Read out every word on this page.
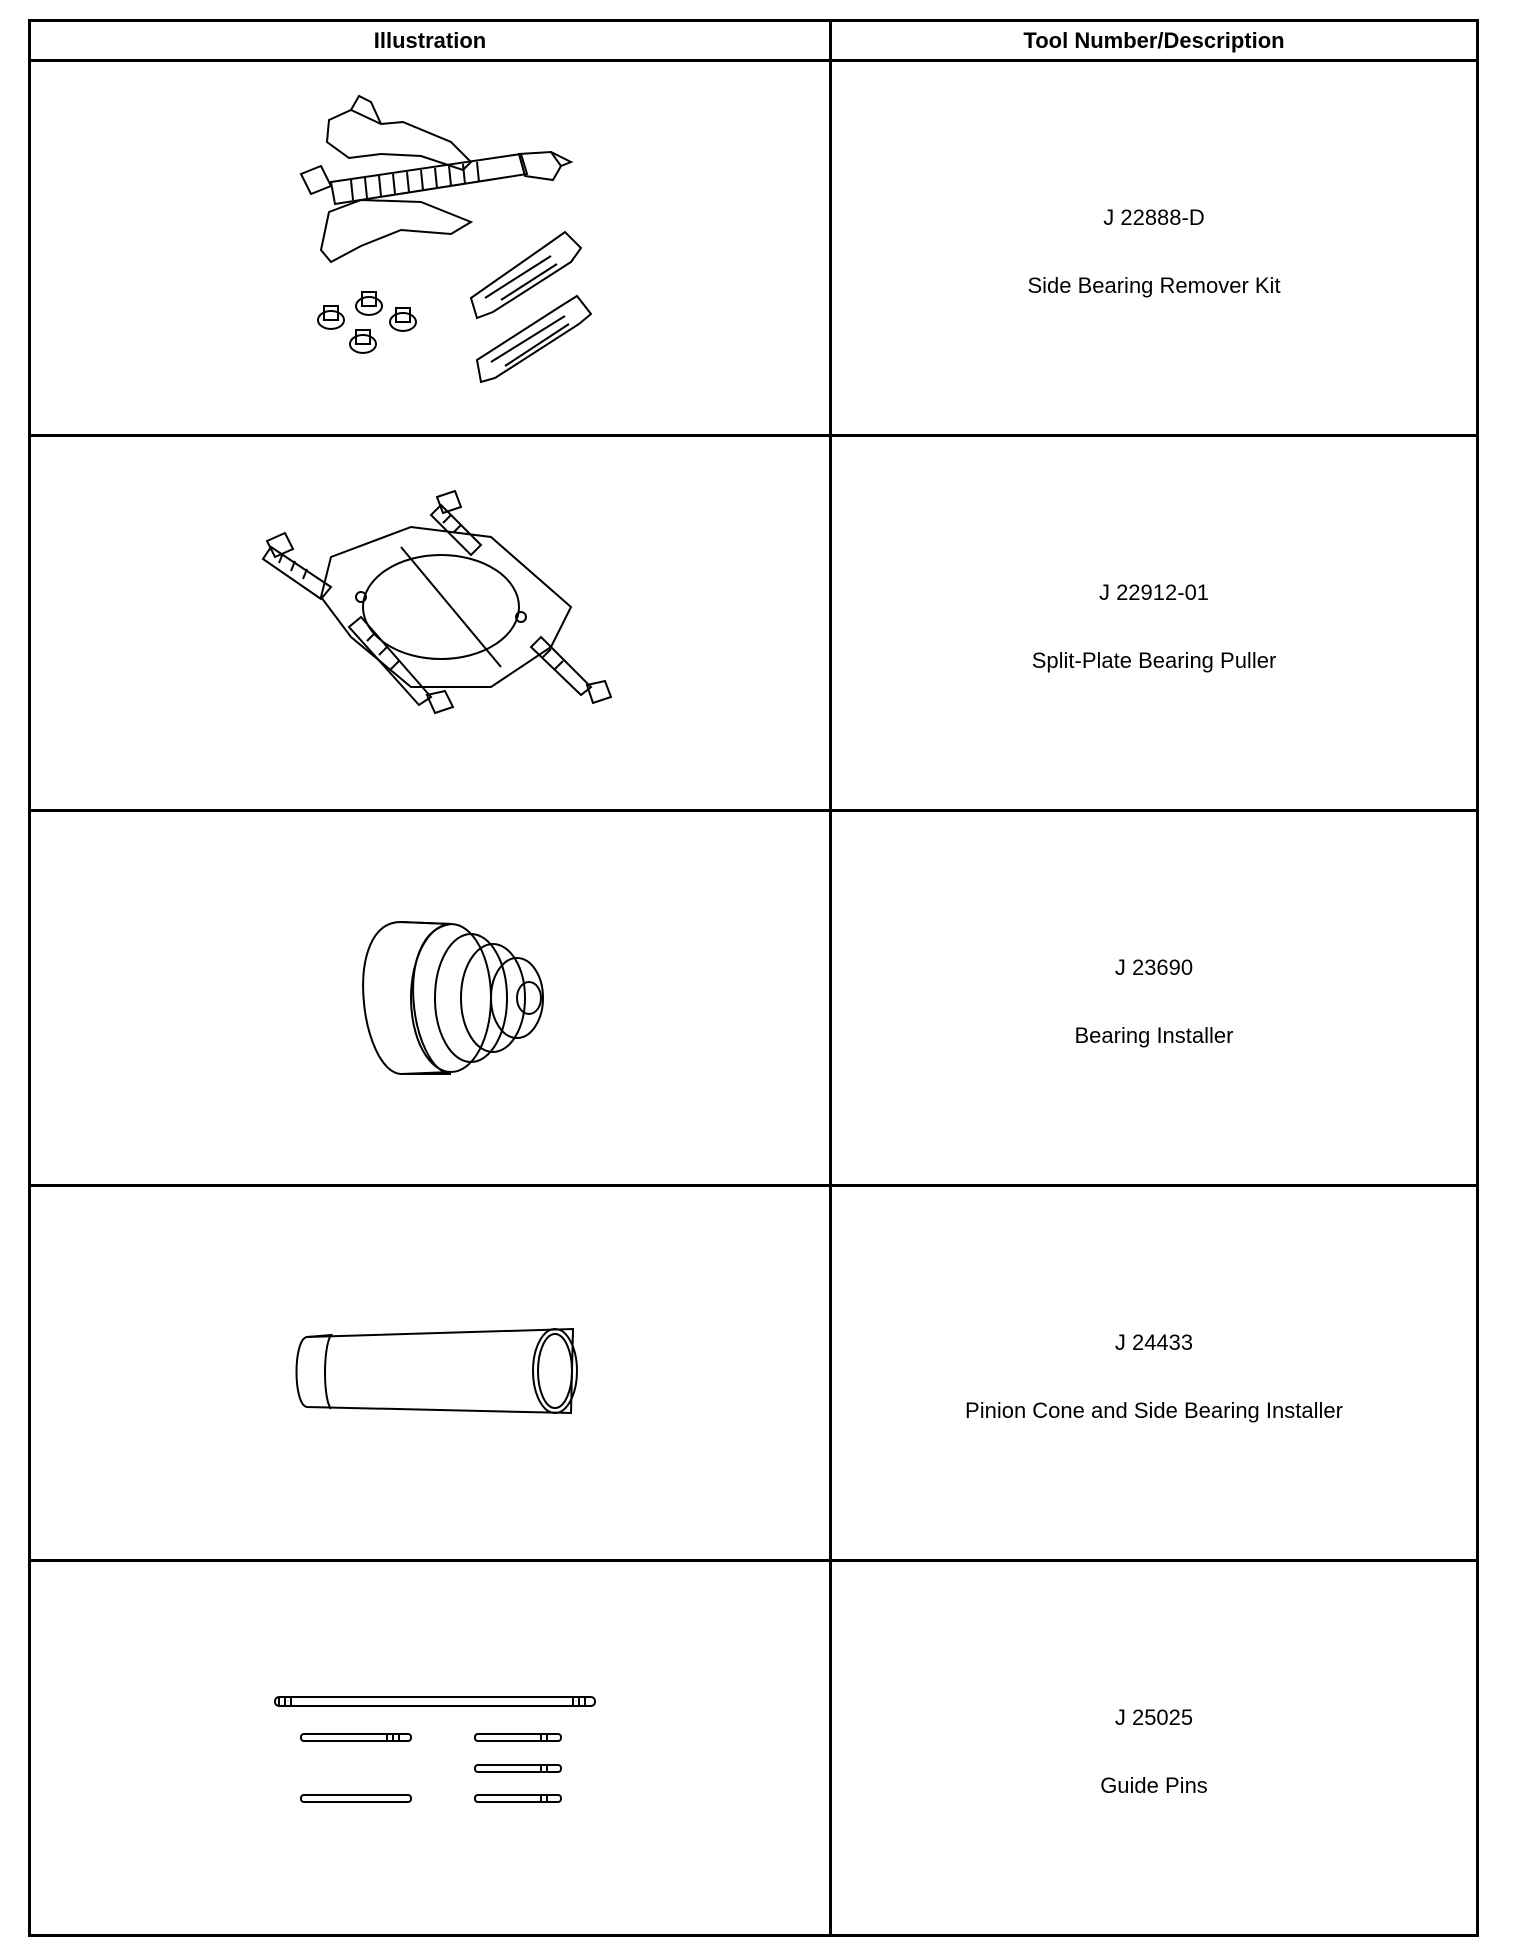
Illustration	Tool Number/Description
J 22888-D
Side Bearing Remover Kit
J 22912-01
Split-Plate Bearing Puller
J 23690
Bearing Installer
J 24433
Pinion Cone and Side Bearing Installer
J 25025
Guide Pins
